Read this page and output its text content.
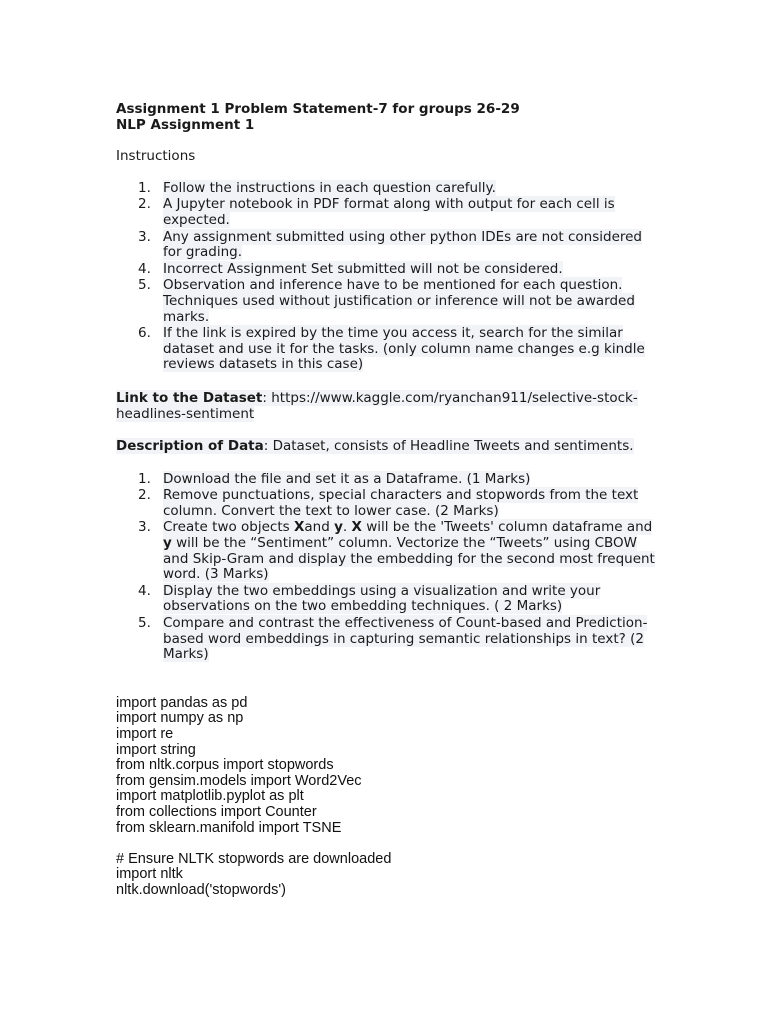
Assignment 1 Problem Statement-7 for groups 26-29

NLP Assignment 1

Instructions

1. Follow the instructions in each question carefully.
2. A Jupyter notebook in PDF format along with output for each cell is expected.
3. Any assignment submitted using other python IDEs are not considered for grading.
4. Incorrect Assignment Set submitted will not be considered.
5. Observation and inference have to be mentioned for each question. Techniques used without justification or inference will not be awarded marks.
6. If the link is expired by the time you access it, search for the similar dataset and use it for the tasks. (only column name changes e.g kindle reviews datasets in this case)

Link to the Dataset: https://www.kaggle.com/ryanchan911/selective-stock-headlines-sentiment

Description of Data: Dataset, consists of Headline Tweets and sentiments.

1. Download the file and set it as a Dataframe. (1 Marks)
2. Remove punctuations, special characters and stopwords from the text column. Convert the text to lower case. (2 Marks)
3. Create two objects Xand y. X will be the 'Tweets' column dataframe and y will be the “Sentiment” column. Vectorize the “Tweets” using CBOW and Skip-Gram and display the embedding for the second most frequent word. (3 Marks)
4. Display the two embeddings using a visualization and write your observations on the two embedding techniques. ( 2 Marks)
5. Compare and contrast the effectiveness of Count-based and Prediction-based word embeddings in capturing semantic relationships in text? (2 Marks)
import pandas as pd
import numpy as np
import re
import string
from nltk.corpus import stopwords
from gensim.models import Word2Vec
import matplotlib.pyplot as plt
from collections import Counter
from sklearn.manifold import TSNE
# Ensure NLTK stopwords are downloaded
import nltk
nltk.download('stopwords')
